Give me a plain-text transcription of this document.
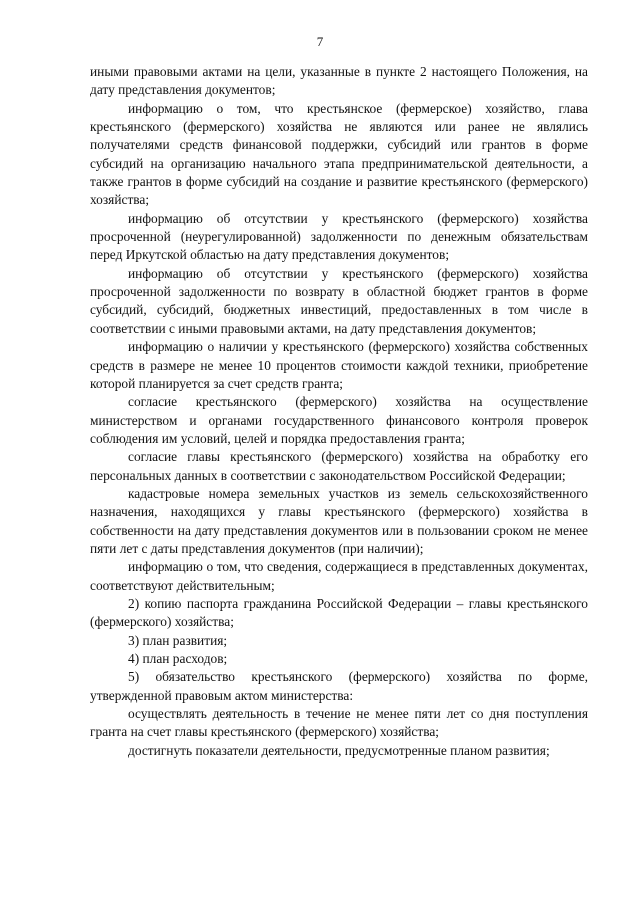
7

иными правовыми актами на цели, указанные в пункте 2 настоящего Положения, на дату представления документов;

информацию о том, что крестьянское (фермерское) хозяйство, глава крестьянского (фермерского) хозяйства не являются или ранее не являлись получателями средств финансовой поддержки, субсидий или грантов в форме субсидий на организацию начального этапа предпринимательской деятельности, а также грантов в форме субсидий на создание и развитие крестьянского (фермерского) хозяйства;

информацию об отсутствии у крестьянского (фермерского) хозяйства просроченной (неурегулированной) задолженности по денежным обязательствам перед Иркутской областью на дату представления документов;

информацию об отсутствии у крестьянского (фермерского) хозяйства просроченной задолженности по возврату в областной бюджет грантов в форме субсидий, субсидий, бюджетных инвестиций, предоставленных в том числе в соответствии с иными правовыми актами, на дату представления документов;

информацию о наличии у крестьянского (фермерского) хозяйства собственных средств в размере не менее 10 процентов стоимости каждой техники, приобретение которой планируется за счет средств гранта;

согласие крестьянского (фермерского) хозяйства на осуществление министерством и органами государственного финансового контроля проверок соблюдения им условий, целей и порядка предоставления гранта;

согласие главы крестьянского (фермерского) хозяйства на обработку его персональных данных в соответствии с законодательством Российской Федерации;

кадастровые номера земельных участков из земель сельскохозяйственного назначения, находящихся у главы крестьянского (фермерского) хозяйства в собственности на дату представления документов или в пользовании сроком не менее пяти лет с даты представления документов (при наличии);

информацию о том, что сведения, содержащиеся в представленных документах, соответствуют действительным;

2) копию паспорта гражданина Российской Федерации – главы крестьянского (фермерского) хозяйства;

3) план развития;

4) план расходов;

5) обязательство крестьянского (фермерского) хозяйства по форме, утвержденной правовым актом министерства:

осуществлять деятельность в течение не менее пяти лет со дня поступления гранта на счет главы крестьянского (фермерского) хозяйства;

достигнуть показатели деятельности, предусмотренные планом развития;
